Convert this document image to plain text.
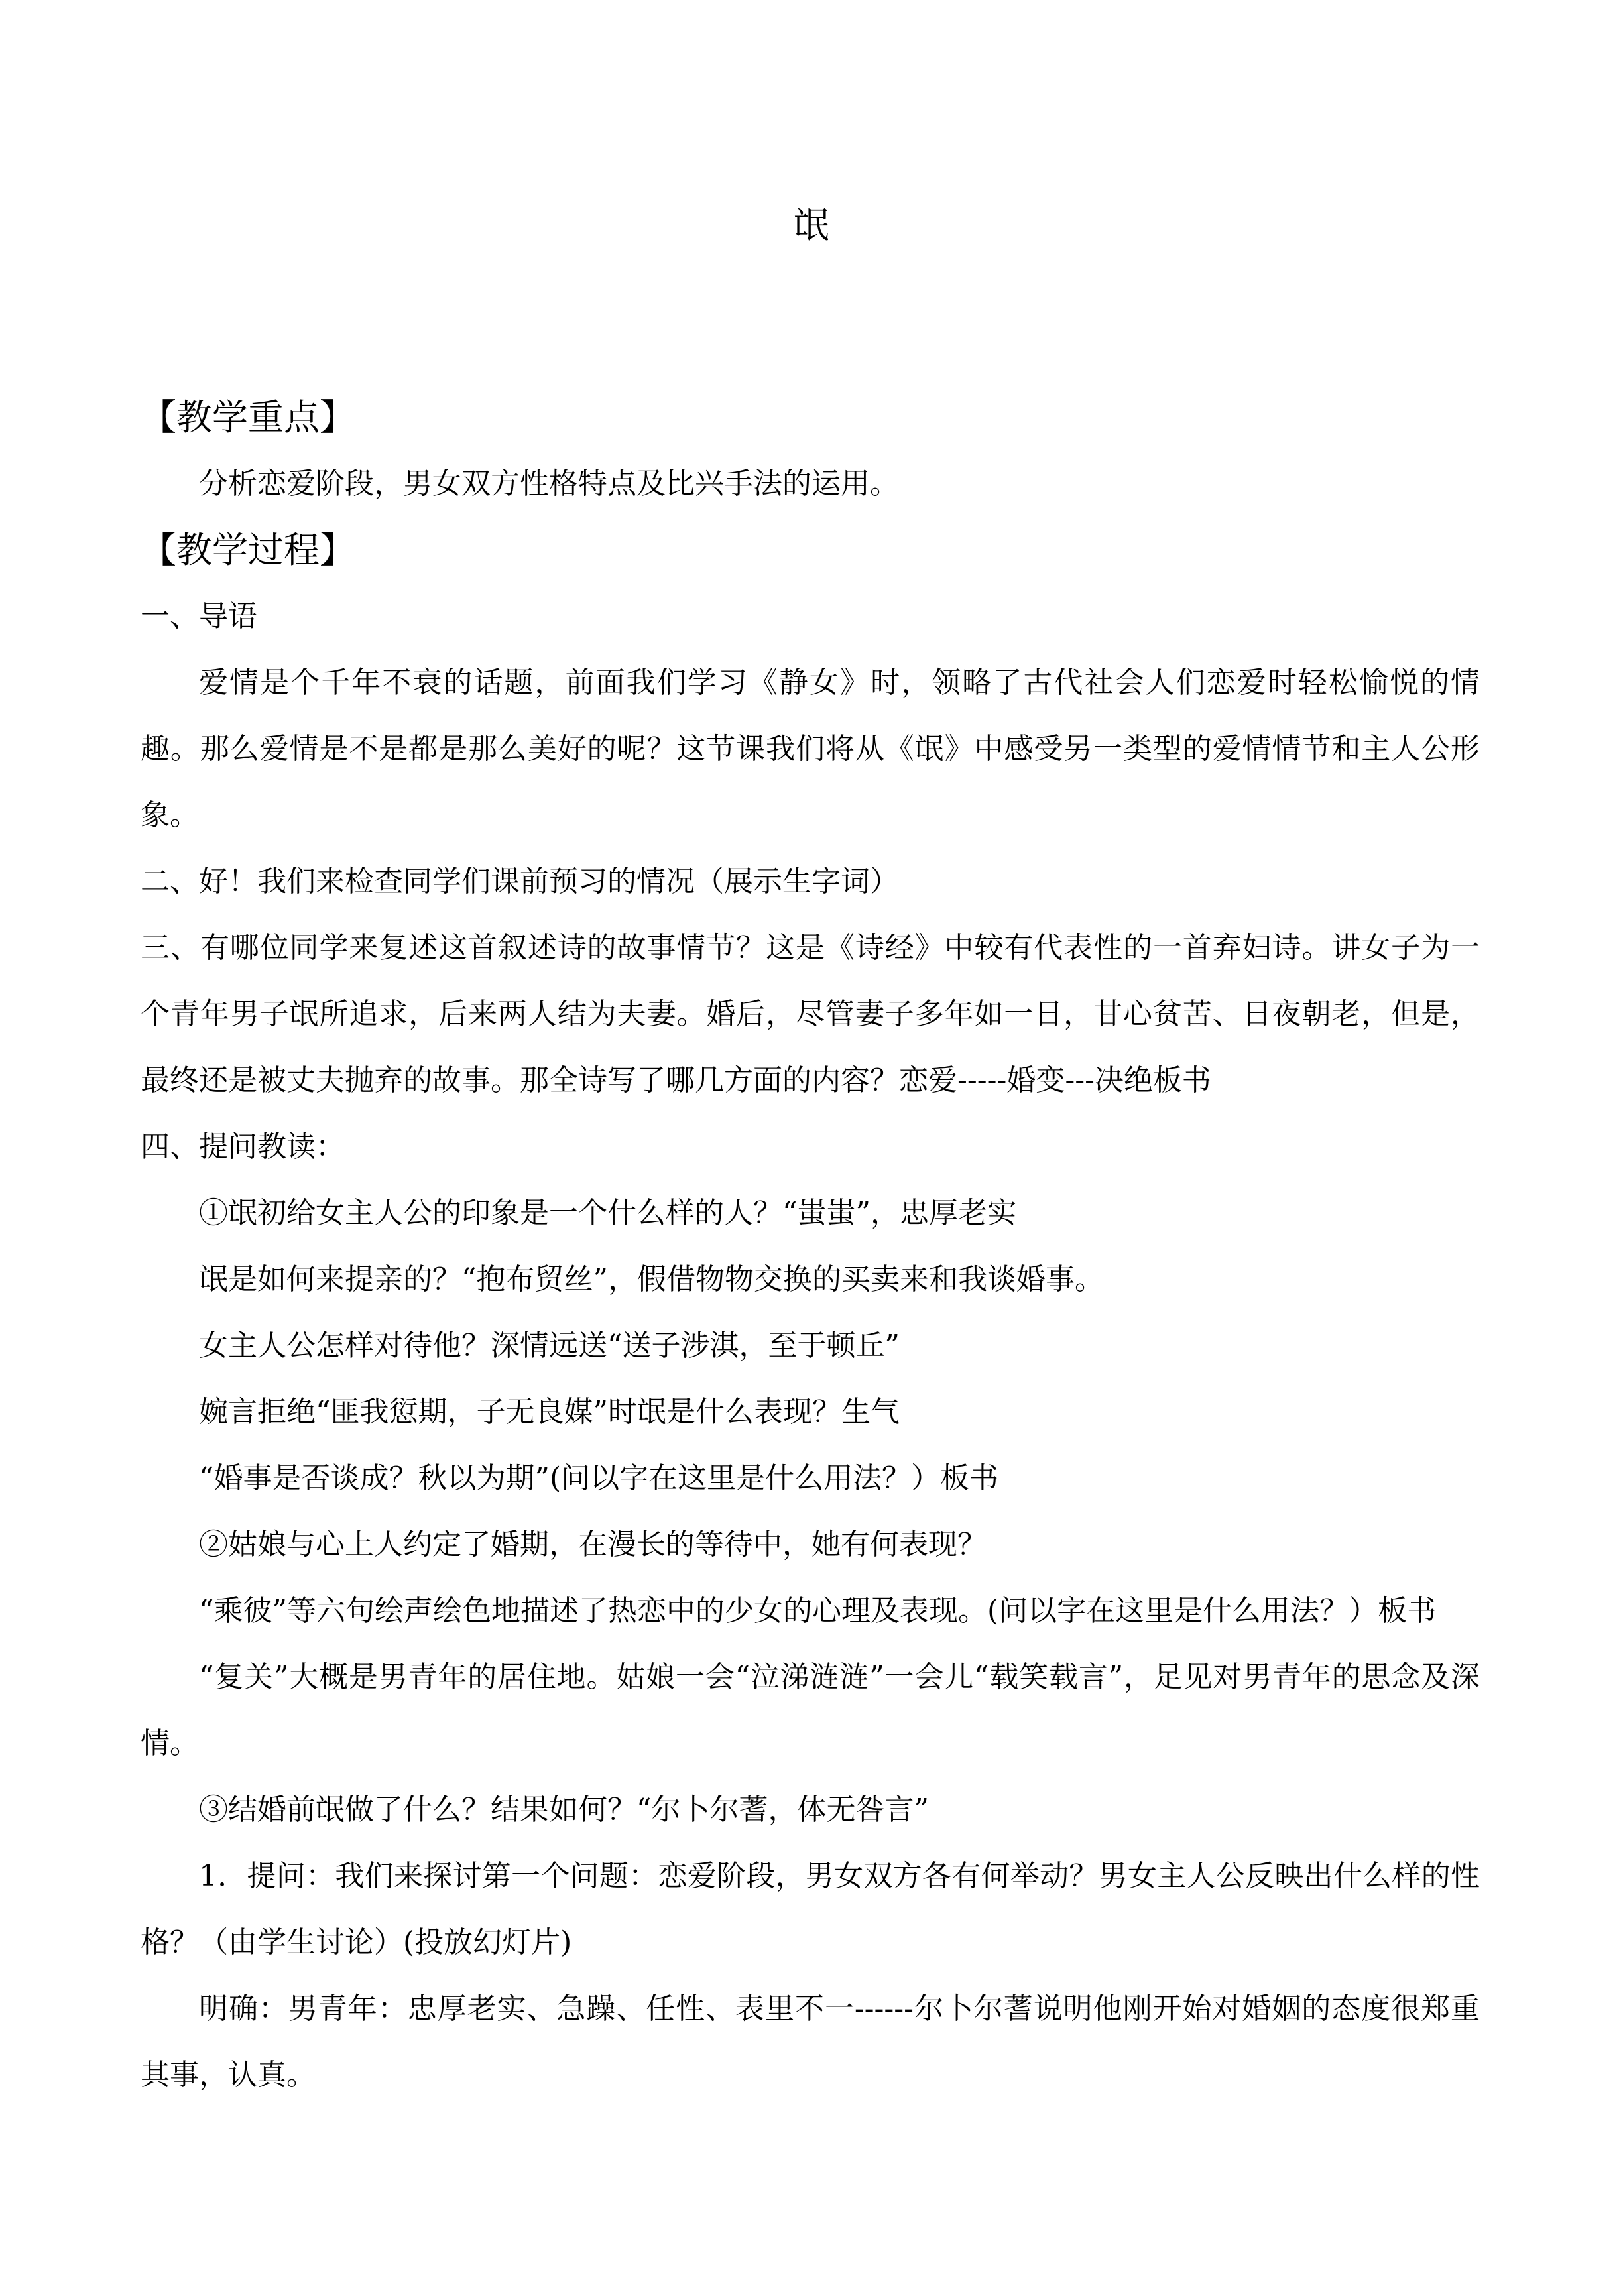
氓
【教学重点】

分析恋爱阶段，男女双方性格特点及比兴手法的运用。

【教学过程】

一、导语

爱情是个千年不衰的话题，前面我们学习《静女》时，领略了古代社会人们恋爱时轻松愉悦的情趣。那么爱情是不是都是那么美好的呢？这节课我们将从《氓》中感受另一类型的爱情情节和主人公形象。

二、好！我们来检查同学们课前预习的情况（展示生字词）

三、有哪位同学来复述这首叙述诗的故事情节？这是《诗经》中较有代表性的一首弃妇诗。讲女子为一个青年男子氓所追求，后来两人结为夫妻。婚后，尽管妻子多年如一日，甘心贫苦、日夜朝老，但是，最终还是被丈夫抛弃的故事。那全诗写了哪几方面的内容？恋爱-----婚变---决绝板书

四、提问教读：

①氓初给女主人公的印象是一个什么样的人？“蚩蚩”，忠厚老实

氓是如何来提亲的？“抱布贸丝”，假借物物交换的买卖来和我谈婚事。

女主人公怎样对待他？深情远送“送子涉淇，至于顿丘”

婉言拒绝“匪我愆期，子无良媒”时氓是什么表现？生气

“婚事是否谈成？秋以为期”(问以字在这里是什么用法？）板书

②姑娘与心上人约定了婚期，在漫长的等待中，她有何表现？

“乘彼”等六句绘声绘色地描述了热恋中的少女的心理及表现。(问以字在这里是什么用法？）板书

“复关”大概是男青年的居住地。姑娘一会“泣涕涟涟”一会儿“载笑载言”，足见对男青年的思念及深情。

③结婚前氓做了什么？结果如何？“尔卜尔蓍，体无咎言”

1．提问：我们来探讨第一个问题：恋爱阶段，男女双方各有何举动？男女主人公反映出什么样的性格？（由学生讨论）(投放幻灯片)

明确：男青年：忠厚老实、急躁、任性、表里不一------尔卜尔蓍说明他刚开始对婚姻的态度很郑重其事，认真。
